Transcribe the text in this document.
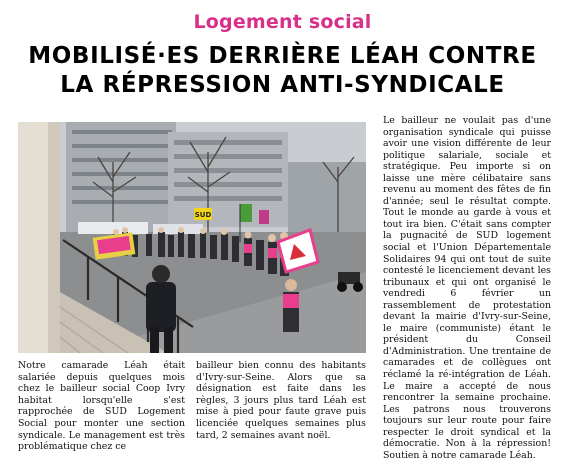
Logement social
MOBILISÉ·ES DERRIÈRE LÉAH CONTRE
LA RÉPRESSION ANTI-SYNDICALE
SUD

Notre camarade Léah était salariée depuis quelques mois chez le bailleur social Coop Ivry habitat lorsqu'elle s'est rapprochée de SUD Logement Social pour monter une section syndicale. Le management est très problématique chez ce

bailleur bien connu des habitants d'Ivry-sur-Seine. Alors que sa désignation est faite dans les règles, 3 jours plus tard Léah est mise à pied pour faute grave puis licenciée quelques semaines plus tard, 2 semaines avant noël.

Le bailleur ne voulait pas d'une organisation syndicale qui puisse avoir une vision différente de leur politique salariale, sociale et stratégique. Peu importe si on laisse une mère célibataire sans revenu au moment des fêtes de fin d'année; seul le résultat compte. Tout le monde au garde à vous et tout ira bien. C'était sans compter la pugnacité de SUD logement social et l'Union Départementale Solidaires 94 qui ont tout de suite contesté le licenciement devant les tribunaux et qui ont organisé le vendredi 6 février un rassemblement de protestation devant la mairie d'Ivry-sur-Seine, le maire (communiste) étant le président du Conseil d'Administration. Une trentaine de camarades et de collègues ont réclamé la ré-intégration de Léah. Le maire a accepté de nous rencontrer la semaine prochaine. Les patrons nous trouverons toujours sur leur route pour faire respecter le droit syndical et la démocratie. Non à la répression! Soutien à notre camarade Léah.
